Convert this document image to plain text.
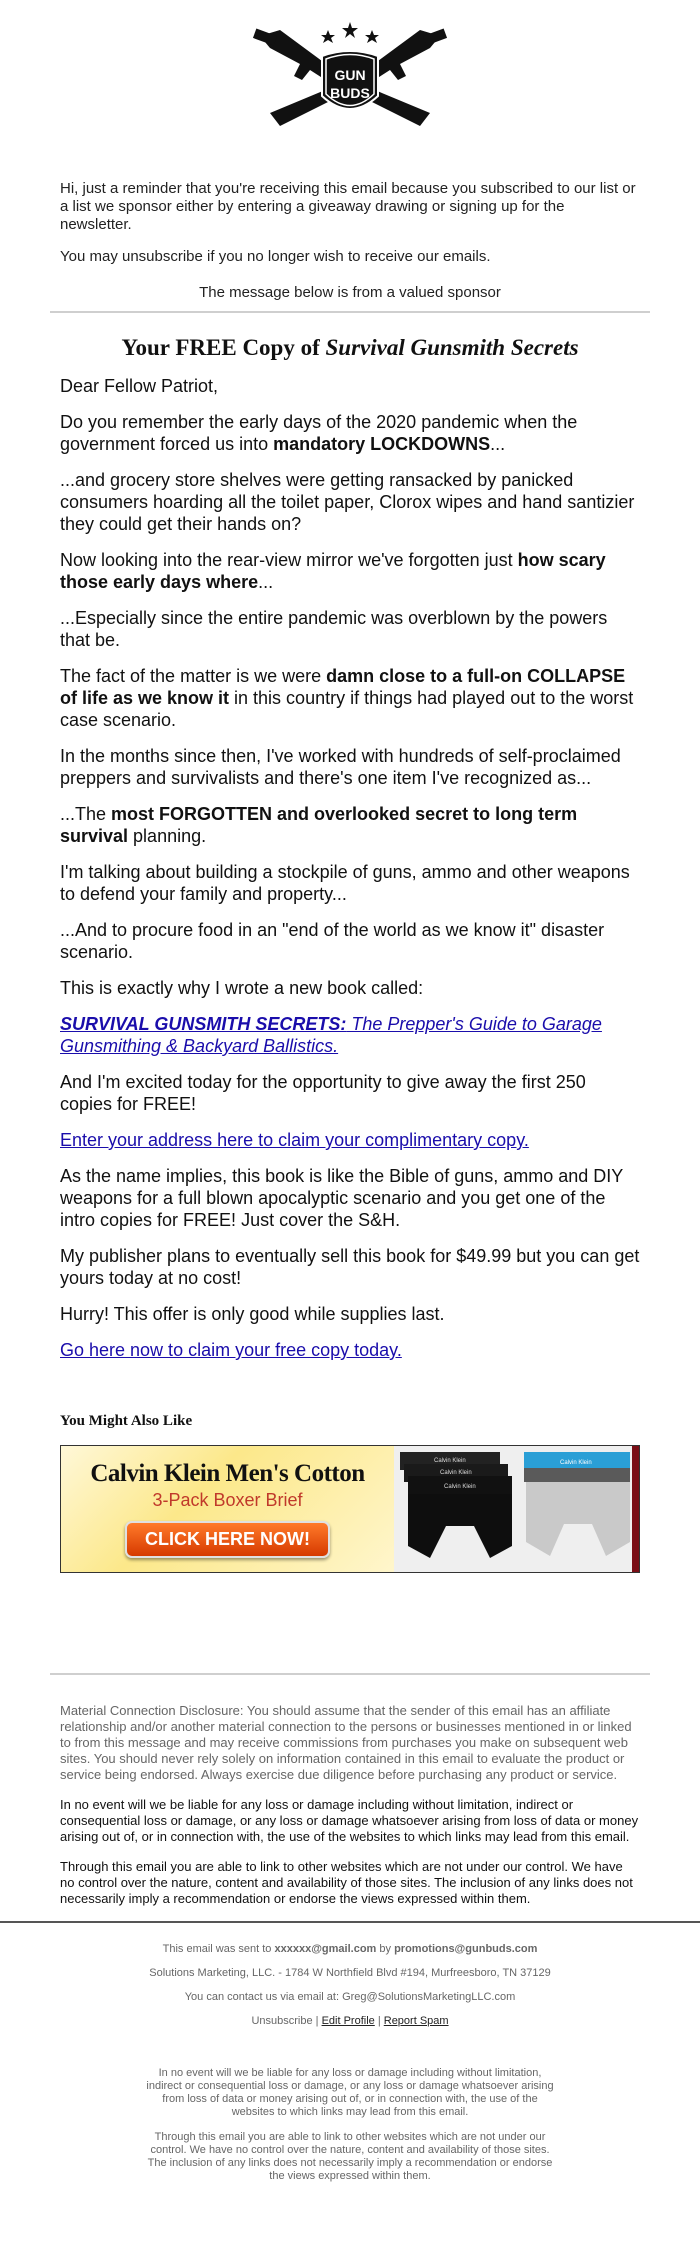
GUN
BUDS

Hi, just a reminder that you're receiving this email because you subscribed to our list or a list we sponsor either by entering a giveaway drawing or signing up for the newsletter.

You may unsubscribe if you no longer wish to receive our emails.

The message below is from a valued sponsor

Your FREE Copy of Survival Gunsmith Secrets

Dear Fellow Patriot,

Do you remember the early days of the 2020 pandemic when the government forced us into mandatory LOCKDOWNS...

...and grocery store shelves were getting ransacked by panicked consumers hoarding all the toilet paper, Clorox wipes and hand santizier they could get their hands on?

Now looking into the rear-view mirror we've forgotten just how scary those early days where...

...Especially since the entire pandemic was overblown by the powers that be.

The fact of the matter is we were damn close to a full-on COLLAPSE of life as we know it in this country if things had played out to the worst case scenario.

In the months since then, I've worked with hundreds of self-proclaimed preppers and survivalists and there's one item I've recognized as...

...The most FORGOTTEN and overlooked secret to long term survival planning.

I'm talking about building a stockpile of guns, ammo and other weapons to defend your family and property...

...And to procure food in an "end of the world as we know it" disaster scenario.

This is exactly why I wrote a new book called:

SURVIVAL GUNSMITH SECRETS: The Prepper's Guide to Garage Gunsmithing & Backyard Ballistics.

And I'm excited today for the opportunity to give away the first 250 copies for FREE!

Enter your address here to claim your complimentary copy.

As the name implies, this book is like the Bible of guns, ammo and DIY weapons for a full blown apocalyptic scenario and you get one of the intro copies for FREE! Just cover the S&H.

My publisher plans to eventually sell this book for $49.99 but you can get yours today at no cost!

Hurry! This offer is only good while supplies last.

Go here now to claim your free copy today.

You Might Also Like
Calvin Klein Men's Cotton
3-Pack Boxer Brief
CLICK HERE NOW!
Calvin Klein
Calvin Klein
Calvin Klein
Calvin Klein

Material Connection Disclosure: You should assume that the sender of this email has an affiliate relationship and/or another material connection to the persons or businesses mentioned in or linked to from this message and may receive commissions from purchases you make on subsequent web sites. You should never rely solely on information contained in this email to evaluate the product or service being endorsed. Always exercise due diligence before purchasing any product or service.

In no event will we be liable for any loss or damage including without limitation, indirect or consequential loss or damage, or any loss or damage whatsoever arising from loss of data or money arising out of, or in connection with, the use of the websites to which links may lead from this email.

Through this email you are able to link to other websites which are not under our control. We have no control over the nature, content and availability of those sites. The inclusion of any links does not necessarily imply a recommendation or endorse the views expressed within them.

This email was sent to xxxxxx@gmail.com by promotions@gunbuds.com

Solutions Marketing, LLC. - 1784 W Northfield Blvd #194, Murfreesboro, TN 37129

You can contact us via email at: Greg@SolutionsMarketingLLC.com

Unsubscribe | Edit Profile | Report Spam

In no event will we be liable for any loss or damage including without limitation, indirect or consequential loss or damage, or any loss or damage whatsoever arising from loss of data or money arising out of, or in connection with, the use of the websites to which links may lead from this email.

Through this email you are able to link to other websites which are not under our control. We have no control over the nature, content and availability of those sites. The inclusion of any links does not necessarily imply a recommendation or endorse the views expressed within them.
